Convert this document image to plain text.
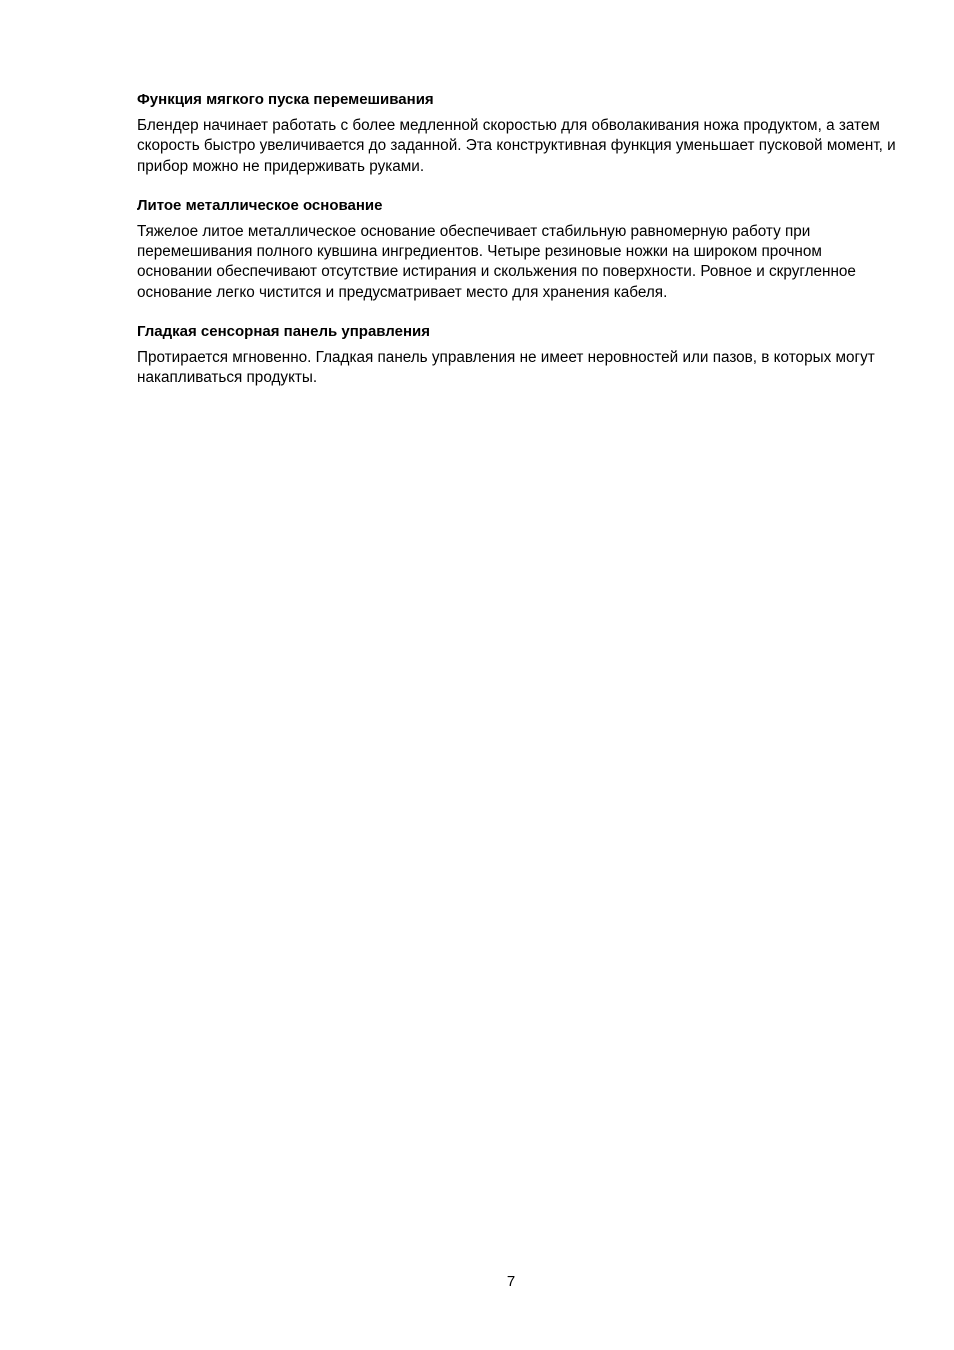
Функция мягкого пуска перемешивания

Блендер начинает работать с более медленной скоростью для обволакивания ножа продуктом, а затем скорость быстро увеличивается до заданной. Эта конструктивная функция уменьшает пусковой момент, и прибор можно не придерживать руками.

Литое металлическое основание

Тяжелое литое металлическое основание обеспечивает стабильную равномерную работу при перемешивания полного кувшина ингредиентов. Четыре резиновые ножки на широком прочном основании обеспечивают отсутствие истирания и скольжения по поверхности. Ровное и скругленное основание легко чистится и предусматривает место для хранения кабеля.

Гладкая сенсорная панель управления

Протирается мгновенно. Гладкая панель управления не имеет неровностей или пазов, в которых могут накапливаться продукты.

7
